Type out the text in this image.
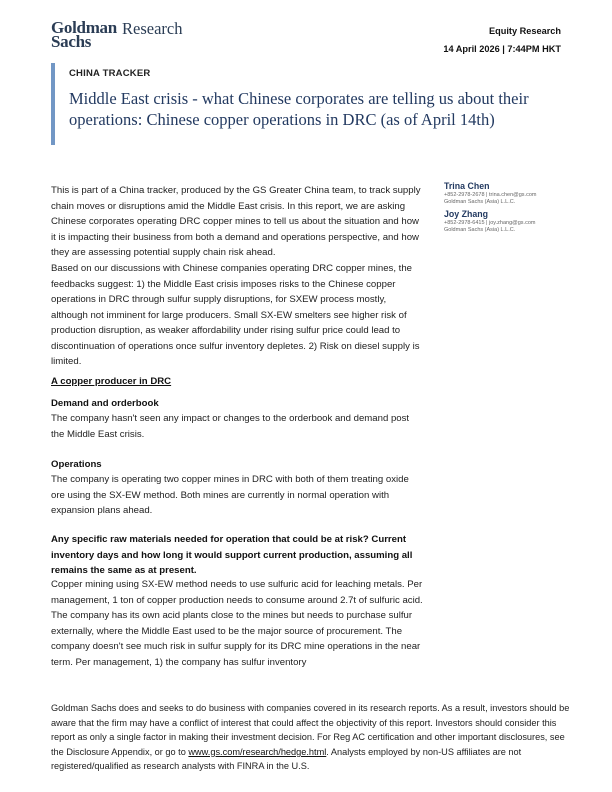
Goldman
Sachs
Research	Equity Research
14 April 2026 | 7:44PM HKT
CHINA TRACKER
Middle East crisis - what Chinese corporates are telling us about their operations: Chinese copper operations in DRC (as of April 14th)
Trina Chen
+852-2978-2678 | trina.chen@gs.com
Goldman Sachs (Asia) L.L.C.
Joy Zhang
+852-2978-6415 | joy.zhang@gs.com
Goldman Sachs (Asia) L.L.C.
This is part of a China tracker, produced by the GS Greater China team, to track supply chain moves or disruptions amid the Middle East crisis. In this report, we are asking Chinese corporates operating DRC copper mines to tell us about the situation and how it is impacting their business from both a demand and operations perspective, and how they are assessing potential supply chain risk ahead.
Based on our discussions with Chinese companies operating DRC copper mines, the feedbacks suggest: 1) the Middle East crisis imposes risks to the Chinese copper operations in DRC through sulfur supply disruptions, for SXEW process mostly, although not imminent for large producers. Small SX-EW smelters see higher risk of production disruption, as weaker affordability under rising sulfur price could lead to discontinuation of operations once sulfur inventory depletes. 2) Risk on diesel supply is limited.
A copper producer in DRC
Demand and orderbook
The company hasn't seen any impact or changes to the orderbook and demand post the Middle East crisis.
Operations
The company is operating two copper mines in DRC with both of them treating oxide ore using the SX-EW method. Both mines are currently in normal operation with expansion plans ahead.
Any specific raw materials needed for operation that could be at risk? Current inventory days and how long it would support current production, assuming all remains the same as at present.
Copper mining using SX-EW method needs to use sulfuric acid for leaching metals. Per management, 1 ton of copper production needs to consume around 2.7t of sulfuric acid. The company has its own acid plants close to the mines but needs to purchase sulfur externally, where the Middle East used to be the major source of procurement. The company doesn't see much risk in sulfur supply for its DRC mine operations in the near term. Per management, 1) the company has sulfur inventory
Goldman Sachs does and seeks to do business with companies covered in its research reports. As a result, investors should be aware that the firm may have a conflict of interest that could affect the objectivity of this report. Investors should consider this report as only a single factor in making their investment decision. For Reg AC certification and other important disclosures, see the Disclosure Appendix, or go to www.gs.com/research/hedge.html. Analysts employed by non-US affiliates are not registered/qualified as research analysts with FINRA in the U.S.
